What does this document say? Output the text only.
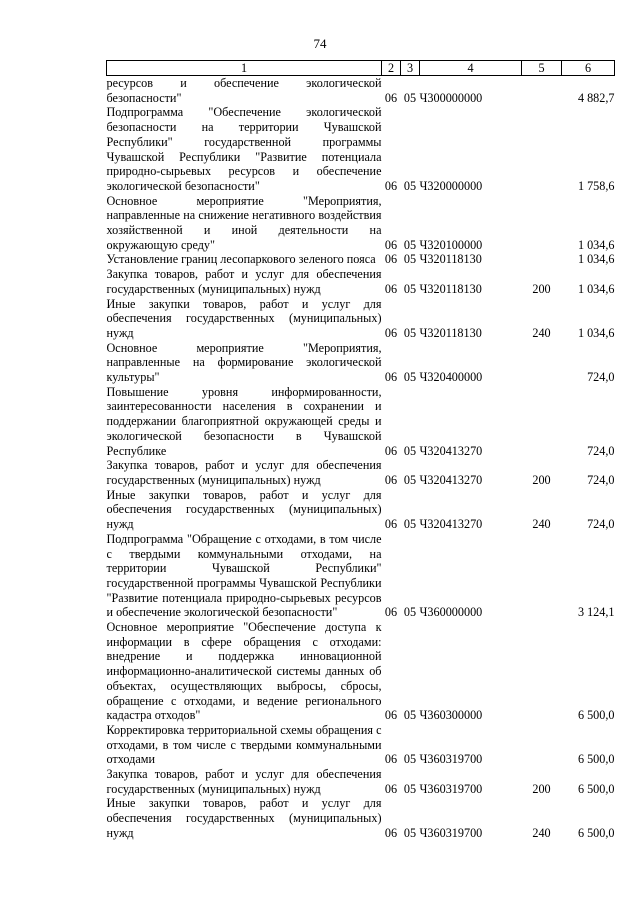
74
1	2	3	4	5	6
ресурсов и обеспечение экологической безопасности"	06	05	Ч300000000		4 882,7
Подпрограмма "Обеспечение экологической безопасности на территории Чувашской Республики" государственной программы Чувашской Республики "Развитие потенциала природно-сырьевых ресурсов и обеспечение экологической безопасности"	06	05	Ч320000000		1 758,6
Основное мероприятие "Мероприятия, направленные на снижение негативного воздействия хозяйственной и иной деятельности на окружающую среду"	06	05	Ч320100000		1 034,6
Установление границ лесопаркового зеленого пояса	06	05	Ч320118130		1 034,6
Закупка товаров, работ и услуг для обеспечения государственных (муниципальных) нужд	06	05	Ч320118130	200	1 034,6
Иные закупки товаров, работ и услуг для обеспечения государственных (муниципальных) нужд	06	05	Ч320118130	240	1 034,6
Основное мероприятие "Мероприятия, направленные на формирование экологической культуры"	06	05	Ч320400000		724,0
Повышение уровня информированности, заинтересованности населения в сохранении и поддержании благоприятной окружающей среды и экологической безопасности в Чувашской Республике	06	05	Ч320413270		724,0
Закупка товаров, работ и услуг для обеспечения государственных (муниципальных) нужд	06	05	Ч320413270	200	724,0
Иные закупки товаров, работ и услуг для обеспечения государственных (муниципальных) нужд	06	05	Ч320413270	240	724,0
Подпрограмма "Обращение с отходами, в том числе с твердыми коммунальными отходами, на территории Чувашской Республики" государственной программы Чувашской Республики "Развитие потенциала природно-сырьевых ресурсов и обеспечение экологической безопасности"	06	05	Ч360000000		3 124,1
Основное мероприятие "Обеспечение доступа к информации в сфере обращения с отходами: внедрение и поддержка инновационной информационно-аналитической системы данных об объектах, осуществляющих выбросы, сбросы, обращение с отходами, и ведение регионального кадастра отходов"	06	05	Ч360300000		6 500,0
Корректировка территориальной схемы обращения с отходами, в том числе с твердыми коммунальными отходами	06	05	Ч360319700		6 500,0
Закупка товаров, работ и услуг для обеспечения государственных (муниципальных) нужд	06	05	Ч360319700	200	6 500,0
Иные закупки товаров, работ и услуг для обеспечения государственных (муниципальных) нужд	06	05	Ч360319700	240	6 500,0
